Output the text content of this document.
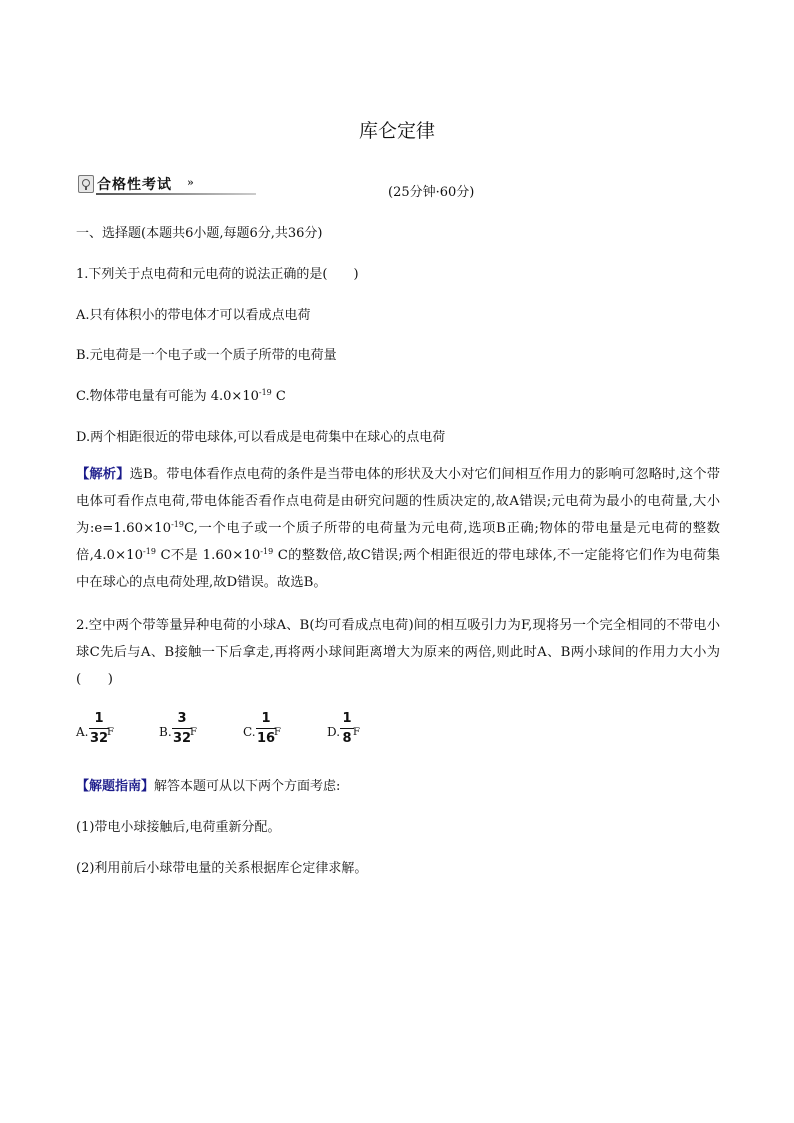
库仑定律
合格性考试 »
(25分钟·60分)
一、选择题(本题共6小题,每题6分,共36分)
1.下列关于点电荷和元电荷的说法正确的是(　　)
A.只有体积小的带电体才可以看成点电荷
B.元电荷是一个电子或一个质子所带的电荷量
C.物体带电量有可能为 $4.0\times 10^{-19}$ C
D.两个相距很近的带电球体,可以看成是电荷集中在球心的点电荷
【解析】选B。带电体看作点电荷的条件是当带电体的形状及大小对它们间相互作用力的影响可忽略时,这个带电体可看作点电荷,带电体能否看作点电荷是由研究问题的性质决定的,故A错误;元电荷为最小的电荷量,大小为$:e=1.60\times 10^{-19}C$,一个电子或一个质子所带的电荷量为元电荷,选项B正确;物体的带电量是元电荷的整数倍$,4.0\times 10^{-19}$ C不是 $1.60\times 10^{-19}$ C的整数倍,故C错误;两个相距很近的带电球体,不一定能将它们作为电荷集中在球心的点电荷处理,故D错误。故选B。
2.空中两个带等量异种电荷的小球A、B(均可看成点电荷)间的相互吸引力为F,现将另一个完全相同的不带电小球C先后与A、B接触一下后拿走,再将两小球间距离增大为原来的两倍,则此时A、B两小球间的作用力大小为(　　)
A.
1
32
F	B.
3
32
F	C.
1
16
F	D.
1
8 F
【解题指南】解答本题可从以下两个方面考虑:
(1)带电小球接触后,电荷重新分配。
(2)利用前后小球带电量的关系根据库仑定律求解。
